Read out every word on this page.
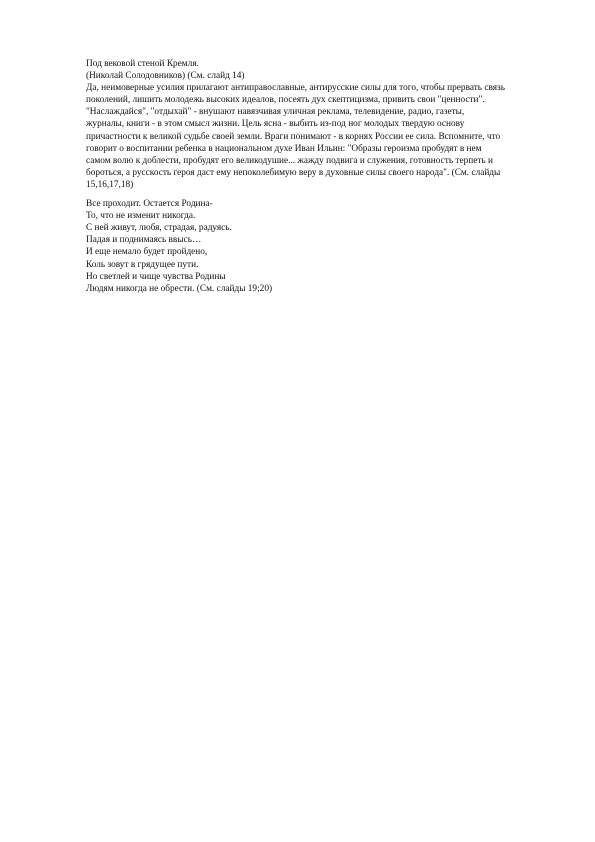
Под вековой стеной Кремля.
(Николай Солодовников) (См. слайд 14)
Да, неимоверные усилия прилагают антиправославные, антирусские силы для того, чтобы прервать связь
поколений, лишить молодежь высоких идеалов, посеять дух скептицизма, привить свои "ценности".
"Наслаждайся", "отдыхай" - внушают навязчивая уличная реклама, телевидение, радио, газеты,
журналы, книги - в этом смысл жизни. Цель ясна - выбить из-под ног молодых твердую основу
причастности к великой судьбе своей земли. Враги понимают - в корнях России ее сила. Вспомните, что
говорит о воспитании ребенка в национальном духе Иван Ильин: "Образы героизма пробудят в нем
самом волю к доблести, пробудят его великодушие... жажду подвига и служения, готовность терпеть и
бороться, а русскость героя даст ему непоколебимую веру в духовные силы своего народа". (См. слайды
15,16,17,18)
Все проходит. Остается Родина-
То, что не изменит никогда.
С ней живут, любя, страдая, радуясь.
Падая и поднимаясь ввысь…
И еще немало будет пройдено,
Коль зовут в грядущее пути.
Но светлей и чище чувства Родины
Людям никогда не обрести. (См. слайды 19;20)
